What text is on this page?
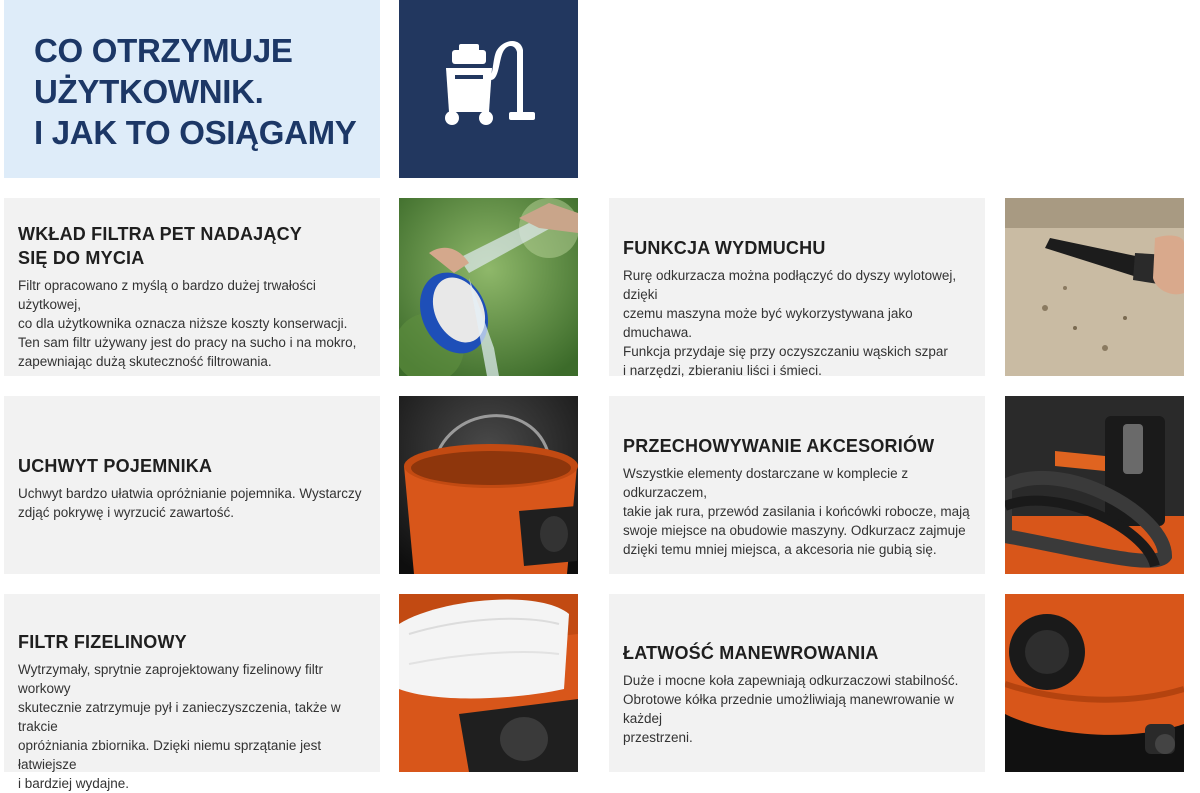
CO OTRZYMUJE
UŻYTKOWNIK.
I JAK TO OSIĄGAMY
WKŁAD FILTRA PET NADAJĄCY
SIĘ DO MYCIA

Filtr opracowano z myślą o bardzo dużej trwałości użytkowej,
co dla użytkownika oznacza niższe koszty konserwacji.
Ten sam filtr używany jest do pracy na sucho i na mokro,
zapewniając dużą skuteczność filtrowania.

FUNKCJA WYDMUCHU

Rurę odkurzacza można podłączyć do dyszy wylotowej, dzięki
czemu maszyna może być wykorzystywana jako dmuchawa.
Funkcja przydaje się przy oczyszczaniu wąskich szpar
i narzędzi, zbieraniu liści i śmieci.

UCHWYT POJEMNIKA

Uchwyt bardzo ułatwia opróżnianie pojemnika. Wystarczy
zdjąć pokrywę i wyrzucić zawartość.

PRZECHOWYWANIE AKCESORIÓW

Wszystkie elementy dostarczane w komplecie z odkurzaczem,
takie jak rura, przewód zasilania i końcówki robocze, mają
swoje miejsce na obudowie maszyny. Odkurzacz zajmuje
dzięki temu mniej miejsca, a akcesoria nie gubią się.

FILTR FIZELINOWY

Wytrzymały, sprytnie zaprojektowany fizelinowy filtr workowy
skutecznie zatrzymuje pył i zanieczyszczenia, także w trakcie
opróżniania zbiornika. Dzięki niemu sprzątanie jest łatwiejsze
i bardziej wydajne.

ŁATWOŚĆ MANEWROWANIA

Duże i mocne koła zapewniają odkurzaczowi stabilność.
Obrotowe kółka przednie umożliwiają manewrowanie w każdej
przestrzeni.
